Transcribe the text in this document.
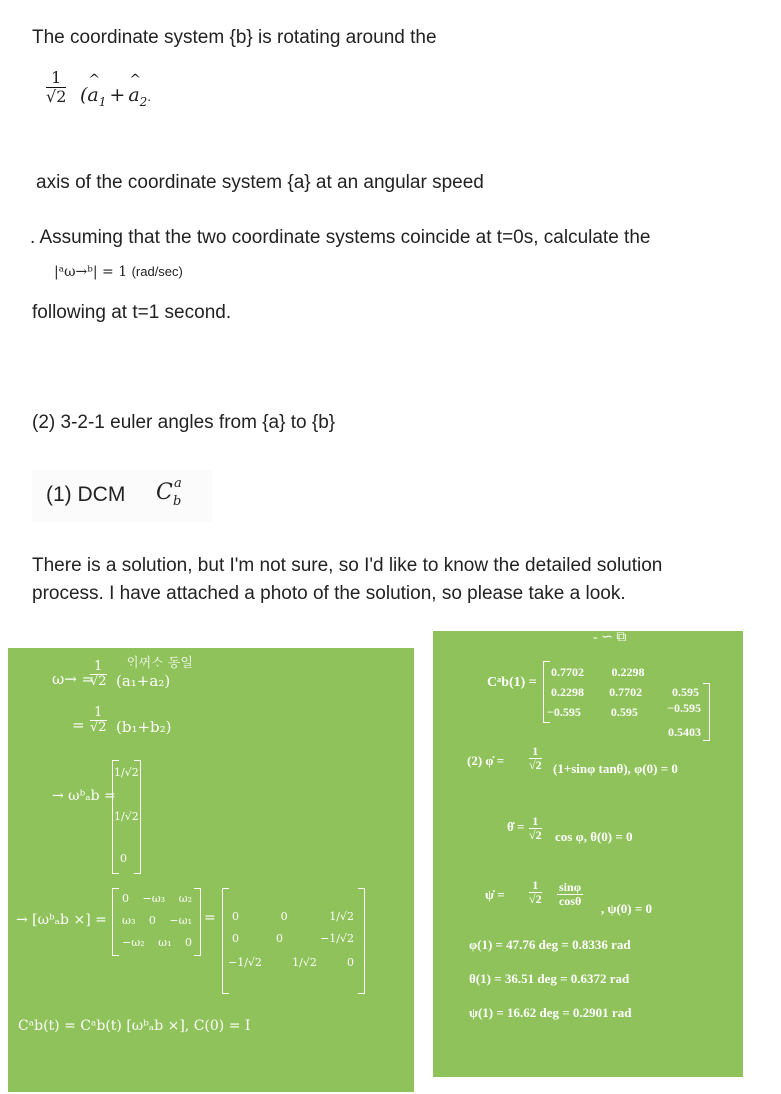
The coordinate system {b} is rotating around the
$\frac{1}{√2}$ (^ $a_1$ +^ $a_2$.
axis of the coordinate system {a} at an angular speed
. Assuming that the two coordinate systems coincide at t=0s, calculate the
|ᵃω→ᵇ| = 1 (rad/sec)
following at t=1 second.
(2) 3-2-1 euler angles from {a} to {b}
(1) DCM C a
b
There is a solution, but I'm not sure, so I'd like to know the detailed solution process. I have attached a photo of the solution, so please take a look.
ᄋᆡᄭᅥᄉᆞ 동일
ω→ =
$\frac{1}{√2} (a_1+a_2)$
= $\frac{1}{√2} (b_1+b_2)$
→ ωᵇₐb =
1/√2
1/√2
0
→ [ωᵇₐb ×] =
0 −ω₃ ω₂
ω₃ 0 −ω₁
−ω₂ ω₁ 0
= 0	0	1/√2
0	0	−1/√2
−1/√2	1/√2	0
Cᵃb(t) = Cᵃb(t) [ωᵇₐb ×], C(0) = I
- ∽ ⧉
Cᵃb(1) =
0.7702 0.2298
0.595
0.2298 0.7702
−0.595
−0.595	0.595
0.5403
(2) φ̇ = $\frac{1}{√2} (1+\sin\varphi$ tanθ), φ(0) = 0
θ̇ = $\frac{1}{√2}$ cos φ, θ(0) = 0
ψ̇ = $\frac{1}{√2} \frac{\sin\varphi}{\cos\theta}$
, ψ(0) = 0
φ(1) = 47.76 deg = 0.8336 rad
θ(1) = 36.51 deg = 0.6372 rad
ψ(1) = 16.62 deg = 0.2901 rad
